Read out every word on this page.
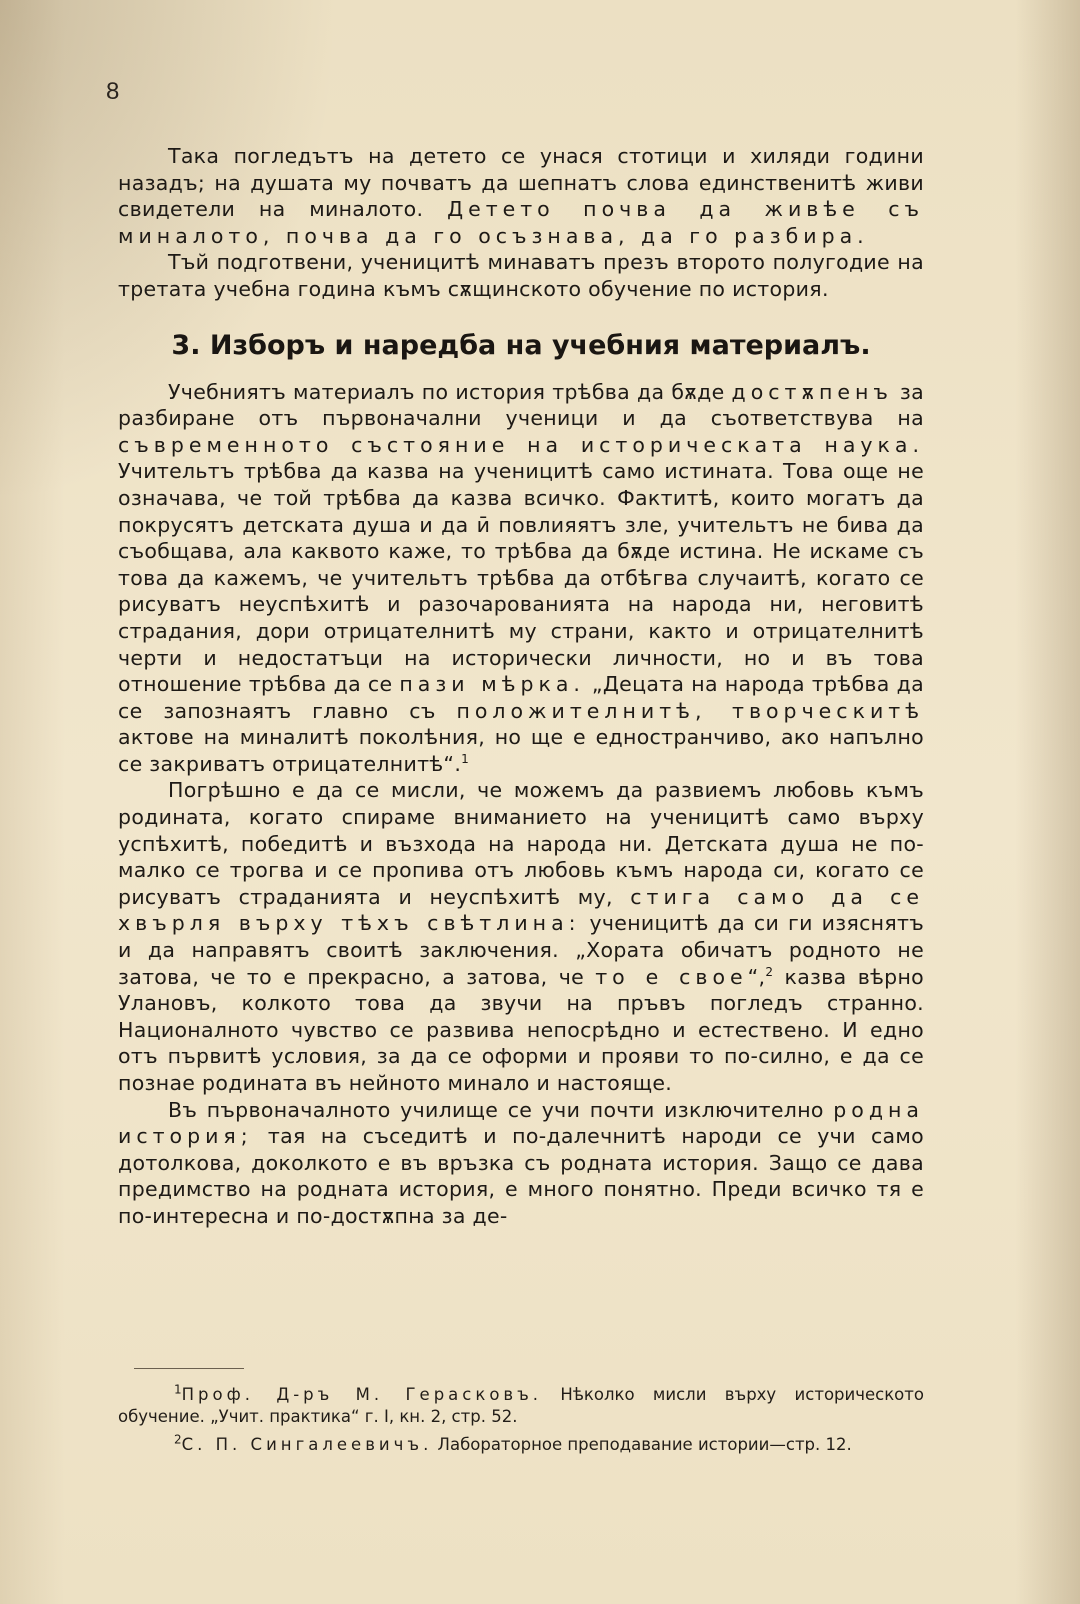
8

Така погледътъ на детето се унася стотици и хиляди години назадъ; на душата му почватъ да шепнатъ слова единственитѣ живи свидетели на миналото. Детето почва да живѣе съ миналото, почва да го осъзнава, да го разбира.

Тъй подготвени, ученицитѣ минаватъ презъ второто полугодие на третата учебна година къмъ сѫщинското обучение по история.

3. Изборъ и наредба на учебния материалъ.

Учебниятъ материалъ по история трѣбва да бѫде достѫпенъ за разбиране отъ първоначални ученици и да съответствува на съвременното състояние на историческата наука. Учительтъ трѣбва да казва на ученицитѣ само истината. Това още не означава, че той трѣбва да казва всичко. Фактитѣ, които могатъ да покрусятъ детската душа и да ӣ повлияятъ зле, учительтъ не бива да съобщава, ала каквото каже, то трѣбва да бѫде истина. Не искаме съ това да кажемъ, че учительтъ трѣбва да отбѣгва случаитѣ, когато се рисуватъ неуспѣхитѣ и разочарованията на народа ни, неговитѣ страдания, дори отрицателнитѣ му страни, както и отрицателнитѣ черти и недостатъци на исторически личности, но и въ това отношение трѣбва да се пази мѣрка. „Децата на народа трѣбва да се запознаятъ главно съ положителнитѣ, творческитѣ актове на миналитѣ поколѣния, но ще е едностранчиво, ако напълно се закриватъ отрицателнитѣ“.$^1$

Погрѣшно е да се мисли, че можемъ да развиемъ любовь къмъ родината, когато спираме вниманието на ученицитѣ само върху успѣхитѣ, победитѣ и възхода на народа ни. Детската душа не по-малко се трогва и се пропива отъ любовь къмъ народа си, когато се рисуватъ страданията и неуспѣхитѣ му, стига само да се хвърля върху тѣхъ свѣтлина: ученицитѣ да си ги изяснятъ и да направятъ своитѣ заключения. „Хората обичатъ родното не затова, че то е прекрасно, а затова, че то е свое“,$^2$ казва вѣрно Улановъ, колкото това да звучи на пръвъ погледъ странно. Националното чувство се развива непосрѣдно и естествено. И едно отъ първитѣ условия, за да се оформи и прояви то по-силно, е да се познае родината въ нейното минало и настояще.

Въ първоначалното училище се учи почти изключително родна история; тая на съседитѣ и по-далечнитѣ народи се учи само дотолкова, доколкото е въ връзка съ родната история. Защо се дава предимство на родната история, е много понятно. Преди всичко тя е по-интересна и по-достѫпна за де-

$^1$Проф. Д-ръ М. Герасковъ. Нѣколко мисли върху историческото обучение. „Учит. практика“ г. I, кн. 2, стр. 52.

$^2$С. П. Сингалеевичъ. Лабораторное преподавание истории—стр. 12.
